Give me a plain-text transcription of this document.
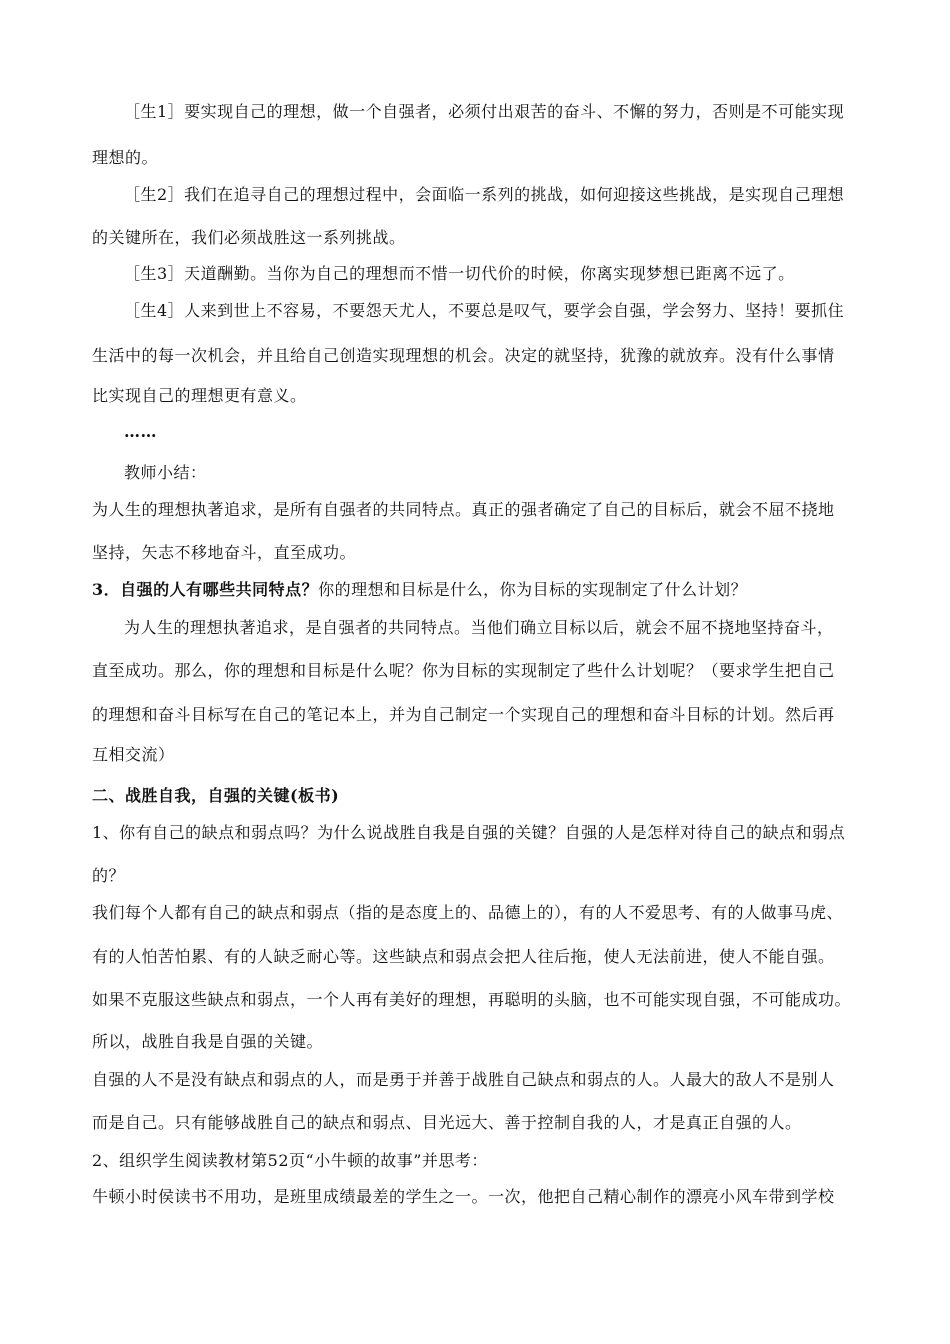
［生1］要实现自己的理想，做一个自强者，必须付出艰苦的奋斗、不懈的努力，否则是不可能实现
理想的。
［生2］我们在追寻自己的理想过程中，会面临一系列的挑战，如何迎接这些挑战，是实现自己理想
的关键所在，我们必须战胜这一系列挑战。
［生3］天道酬勤。当你为自己的理想而不惜一切代价的时候，你离实现梦想已距离不远了。
［生4］人来到世上不容易，不要怨天尤人，不要总是叹气，要学会自强，学会努力、坚持！要抓住
生活中的每一次机会，并且给自己创造实现理想的机会。决定的就坚持，犹豫的就放弃。没有什么事情
比实现自己的理想更有意义。
……
教师小结：
为人生的理想执著追求，是所有自强者的共同特点。真正的强者确定了自己的目标后，就会不屈不挠地
坚持，矢志不移地奋斗，直至成功。
3．自强的人有哪些共同特点？你的理想和目标是什么，你为目标的实现制定了什么计划？
为人生的理想执著追求，是自强者的共同特点。当他们确立目标以后，就会不屈不挠地坚持奋斗，
直至成功。那么，你的理想和目标是什么呢？你为目标的实现制定了些什么计划呢？（要求学生把自己
的理想和奋斗目标写在自己的笔记本上，并为自己制定一个实现自己的理想和奋斗目标的计划。然后再
互相交流）
二、战胜自我，自强的关键(板书)
1、你有自己的缺点和弱点吗？为什么说战胜自我是自强的关键？自强的人是怎样对待自己的缺点和弱点
的？
我们每个人都有自己的缺点和弱点（指的是态度上的、品德上的），有的人不爱思考、有的人做事马虎、
有的人怕苦怕累、有的人缺乏耐心等。这些缺点和弱点会把人往后拖，使人无法前进，使人不能自强。
如果不克服这些缺点和弱点，一个人再有美好的理想，再聪明的头脑，也不可能实现自强，不可能成功。
所以，战胜自我是自强的关键。
自强的人不是没有缺点和弱点的人，而是勇于并善于战胜自己缺点和弱点的人。人最大的敌人不是别人
而是自己。只有能够战胜自己的缺点和弱点、目光远大、善于控制自我的人，才是真正自强的人。
2、组织学生阅读教材第52页“小牛顿的故事”并思考：
牛顿小时侯读书不用功，是班里成绩最差的学生之一。一次，他把自己精心制作的漂亮小风车带到学校
